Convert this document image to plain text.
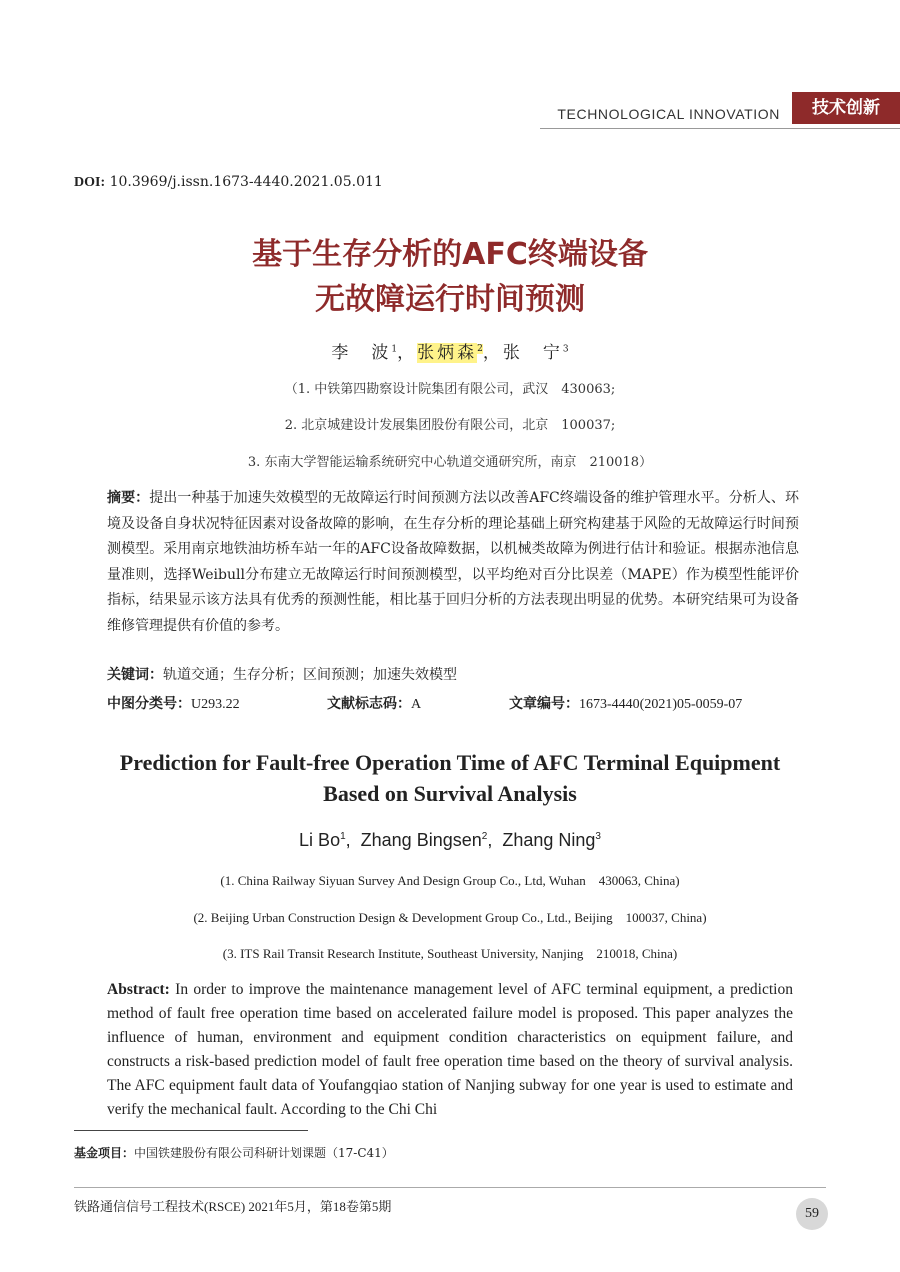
TECHNOLOGICAL INNOVATION	技术创新
DOI: 10.3969/j.issn.1673-4440.2021.05.011
基于生存分析的AFC终端设备
无故障运行时间预测
李　波$^1$，张炳森$^2$，张　宁$^3$
（1. 中铁第四勘察设计院集团有限公司，武汉　430063;
2. 北京城建设计发展集团股份有限公司，北京　100037;
3. 东南大学智能运输系统研究中心轨道交通研究所，南京　210018）
摘要：提出一种基于加速失效模型的无故障运行时间预测方法以改善AFC终端设备的维护管理水平。分析人、环境及设备自身状况特征因素对设备故障的影响，在生存分析的理论基础上研究构建基于风险的无故障运行时间预测模型。采用南京地铁油坊桥车站一年的AFC设备故障数据，以机械类故障为例进行估计和验证。根据赤池信息量准则，选择Weibull分布建立无故障运行时间预测模型，以平均绝对百分比误差（MAPE）作为模型性能评价指标，结果显示该方法具有优秀的预测性能，相比基于回归分析的方法表现出明显的优势。本研究结果可为设备维修管理提供有价值的参考。
关键词：轨道交通；生存分析；区间预测；加速失效模型
中图分类号：U293.22	文献标志码：A	文章编号：1673-4440(2021)05-0059-07
Prediction for Fault-free Operation Time of AFC Terminal Equipment
Based on Survival Analysis
Li Bo$^1$,  Zhang Bingsen$^2$,  Zhang Ning$^3$
(1. China Railway Siyuan Survey And Design Group Co., Ltd, Wuhan　430063, China)
(2. Beijing Urban Construction Design & Development Group Co., Ltd., Beijing　100037, China)
(3. ITS Rail Transit Research Institute, Southeast University, Nanjing　210018, China)
Abstract: In order to improve the maintenance management level of AFC terminal equipment, a prediction method of fault free operation time based on accelerated failure model is proposed. This paper analyzes the influence of human, environment and equipment condition characteristics on equipment failure, and constructs a risk-based prediction model of fault free operation time based on the theory of survival analysis. The AFC equipment fault data of Youfangqiao station of Nanjing subway for one year is used to estimate and verify the mechanical fault. According to the Chi Chi
基金项目：中国铁建股份有限公司科研计划课题（17-C41）
铁路通信信号工程技术(RSCE) 2021年5月，第18卷第5期	59
